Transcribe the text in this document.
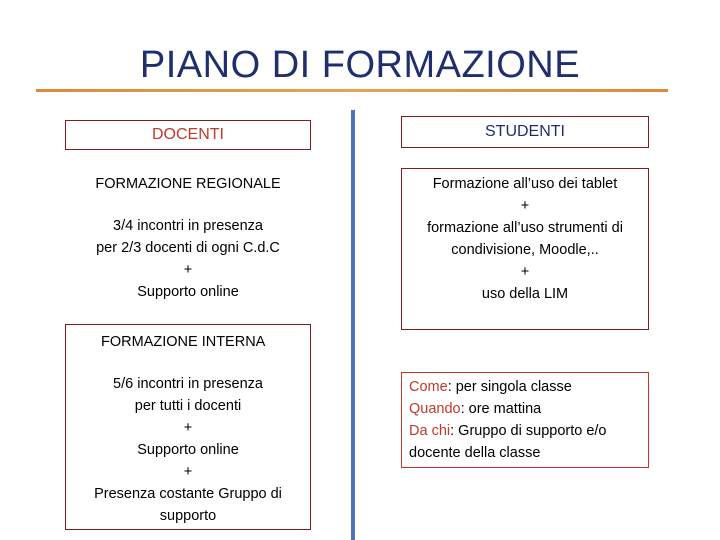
PIANO DI FORMAZIONE
DOCENTI	STUDENTI
FORMAZIONE REGIONALE
3/4 incontri in presenza
per 2/3 docenti di ogni C.d.C
+
Supporto online
FORMAZIONE INTERNA
5/6 incontri in presenza
per tutti i docenti
+
Supporto online
+
Presenza costante Gruppo di
supporto
Formazione all’uso dei tablet
+
formazione all’uso strumenti di
condivisione, Moodle,..
+
uso della LIM
Come: per singola classe
Quando: ore mattina
Da chi: Gruppo di supporto e/o
docente della classe
